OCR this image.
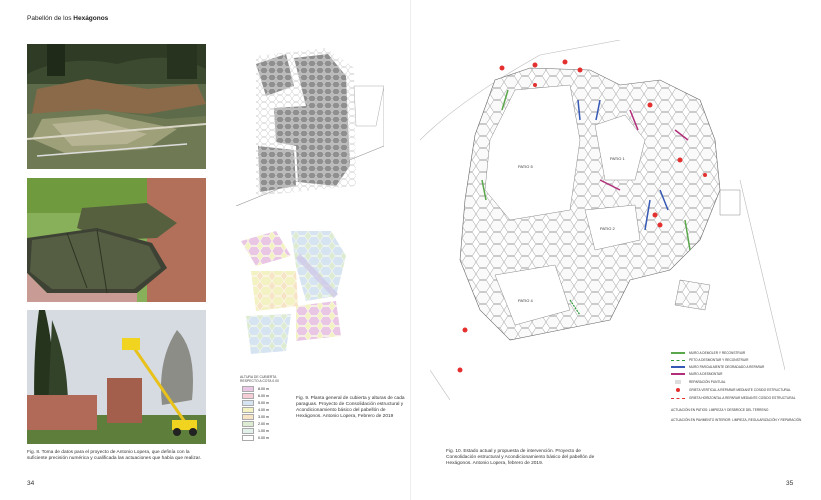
Pabellón de los Hexágonos
Fig. 8. Toma de datos para el proyecto de Antonio Lopera, que definía con la suficiente precisión numérica y cualificada las actuaciones que había que realizar.
ALTURA DE CUBIERTA RESPECTO A COTA 0.00
8.00 m
6.00 m
5.00 m
4.00 m
3.00 m
2.00 m
1.00 m
0.00 m
Fig. 9. Planta general de cubierta y alturas de cada paraguas. Proyecto de Consolidación estructural y Acondicionamiento básico del pabellón de Hexágonos. Antonio Lopera, Febrero de 2019
34
PATIO 5
PATIO 1
PATIO 2
PATIO 4
MURO A DEMOLER Y RECONSTRUIR
PETO A DESMONTAR Y RECONSTRUIR
MURO PARCIALMENTE DEGRADADO A REPARAR
MURO A DESMONTAR
REPARACIÓN PUNTUAL
GRIETA VERTICAL A REPARAR MEDIANTE COSIDO ESTRUCTURAL
GRIETA HORIZONTAL A REPARAR MEDIANTE COSIDO ESTRUCTURAL
ACTUACIÓN EN PATIOS: LIMPIEZA Y DESBROCE DEL TERRENO
ACTUACIÓN EN PAVIMENTO INTERIOR: LIMPIEZA, REGULARIZACIÓN Y REPARACIÓN
Fig. 10. Estado actual y propuesta de intervención. Proyecto de Consolidación estructural y Acondicionamiento básico del pabellón de Hexágonos. Antonio Lopera, febrero de 2019.
35
